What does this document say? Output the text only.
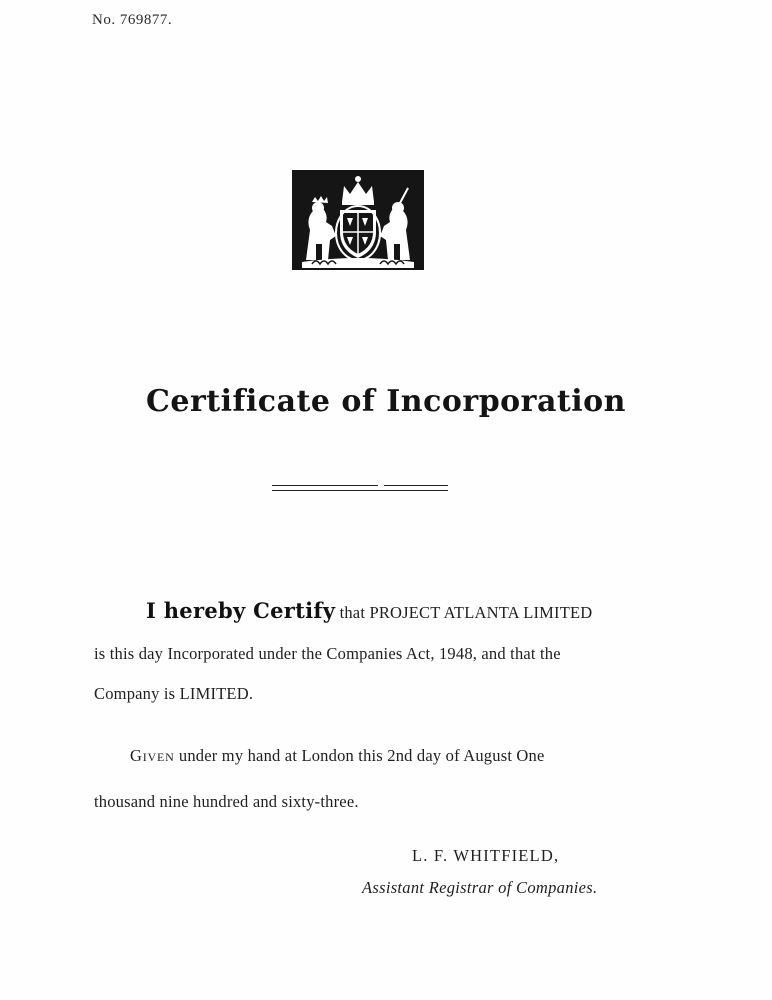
No. 769877.
Certificate of Incorporation
I hereby Certify that PROJECT ATLANTA LIMITED
is this day Incorporated under the Companies Act, 1948, and that the
Company is LIMITED.
Given under my hand at London this 2nd day of August One
thousand nine hundred and sixty-three.
L. F. WHITFIELD,
Assistant Registrar of Companies.
